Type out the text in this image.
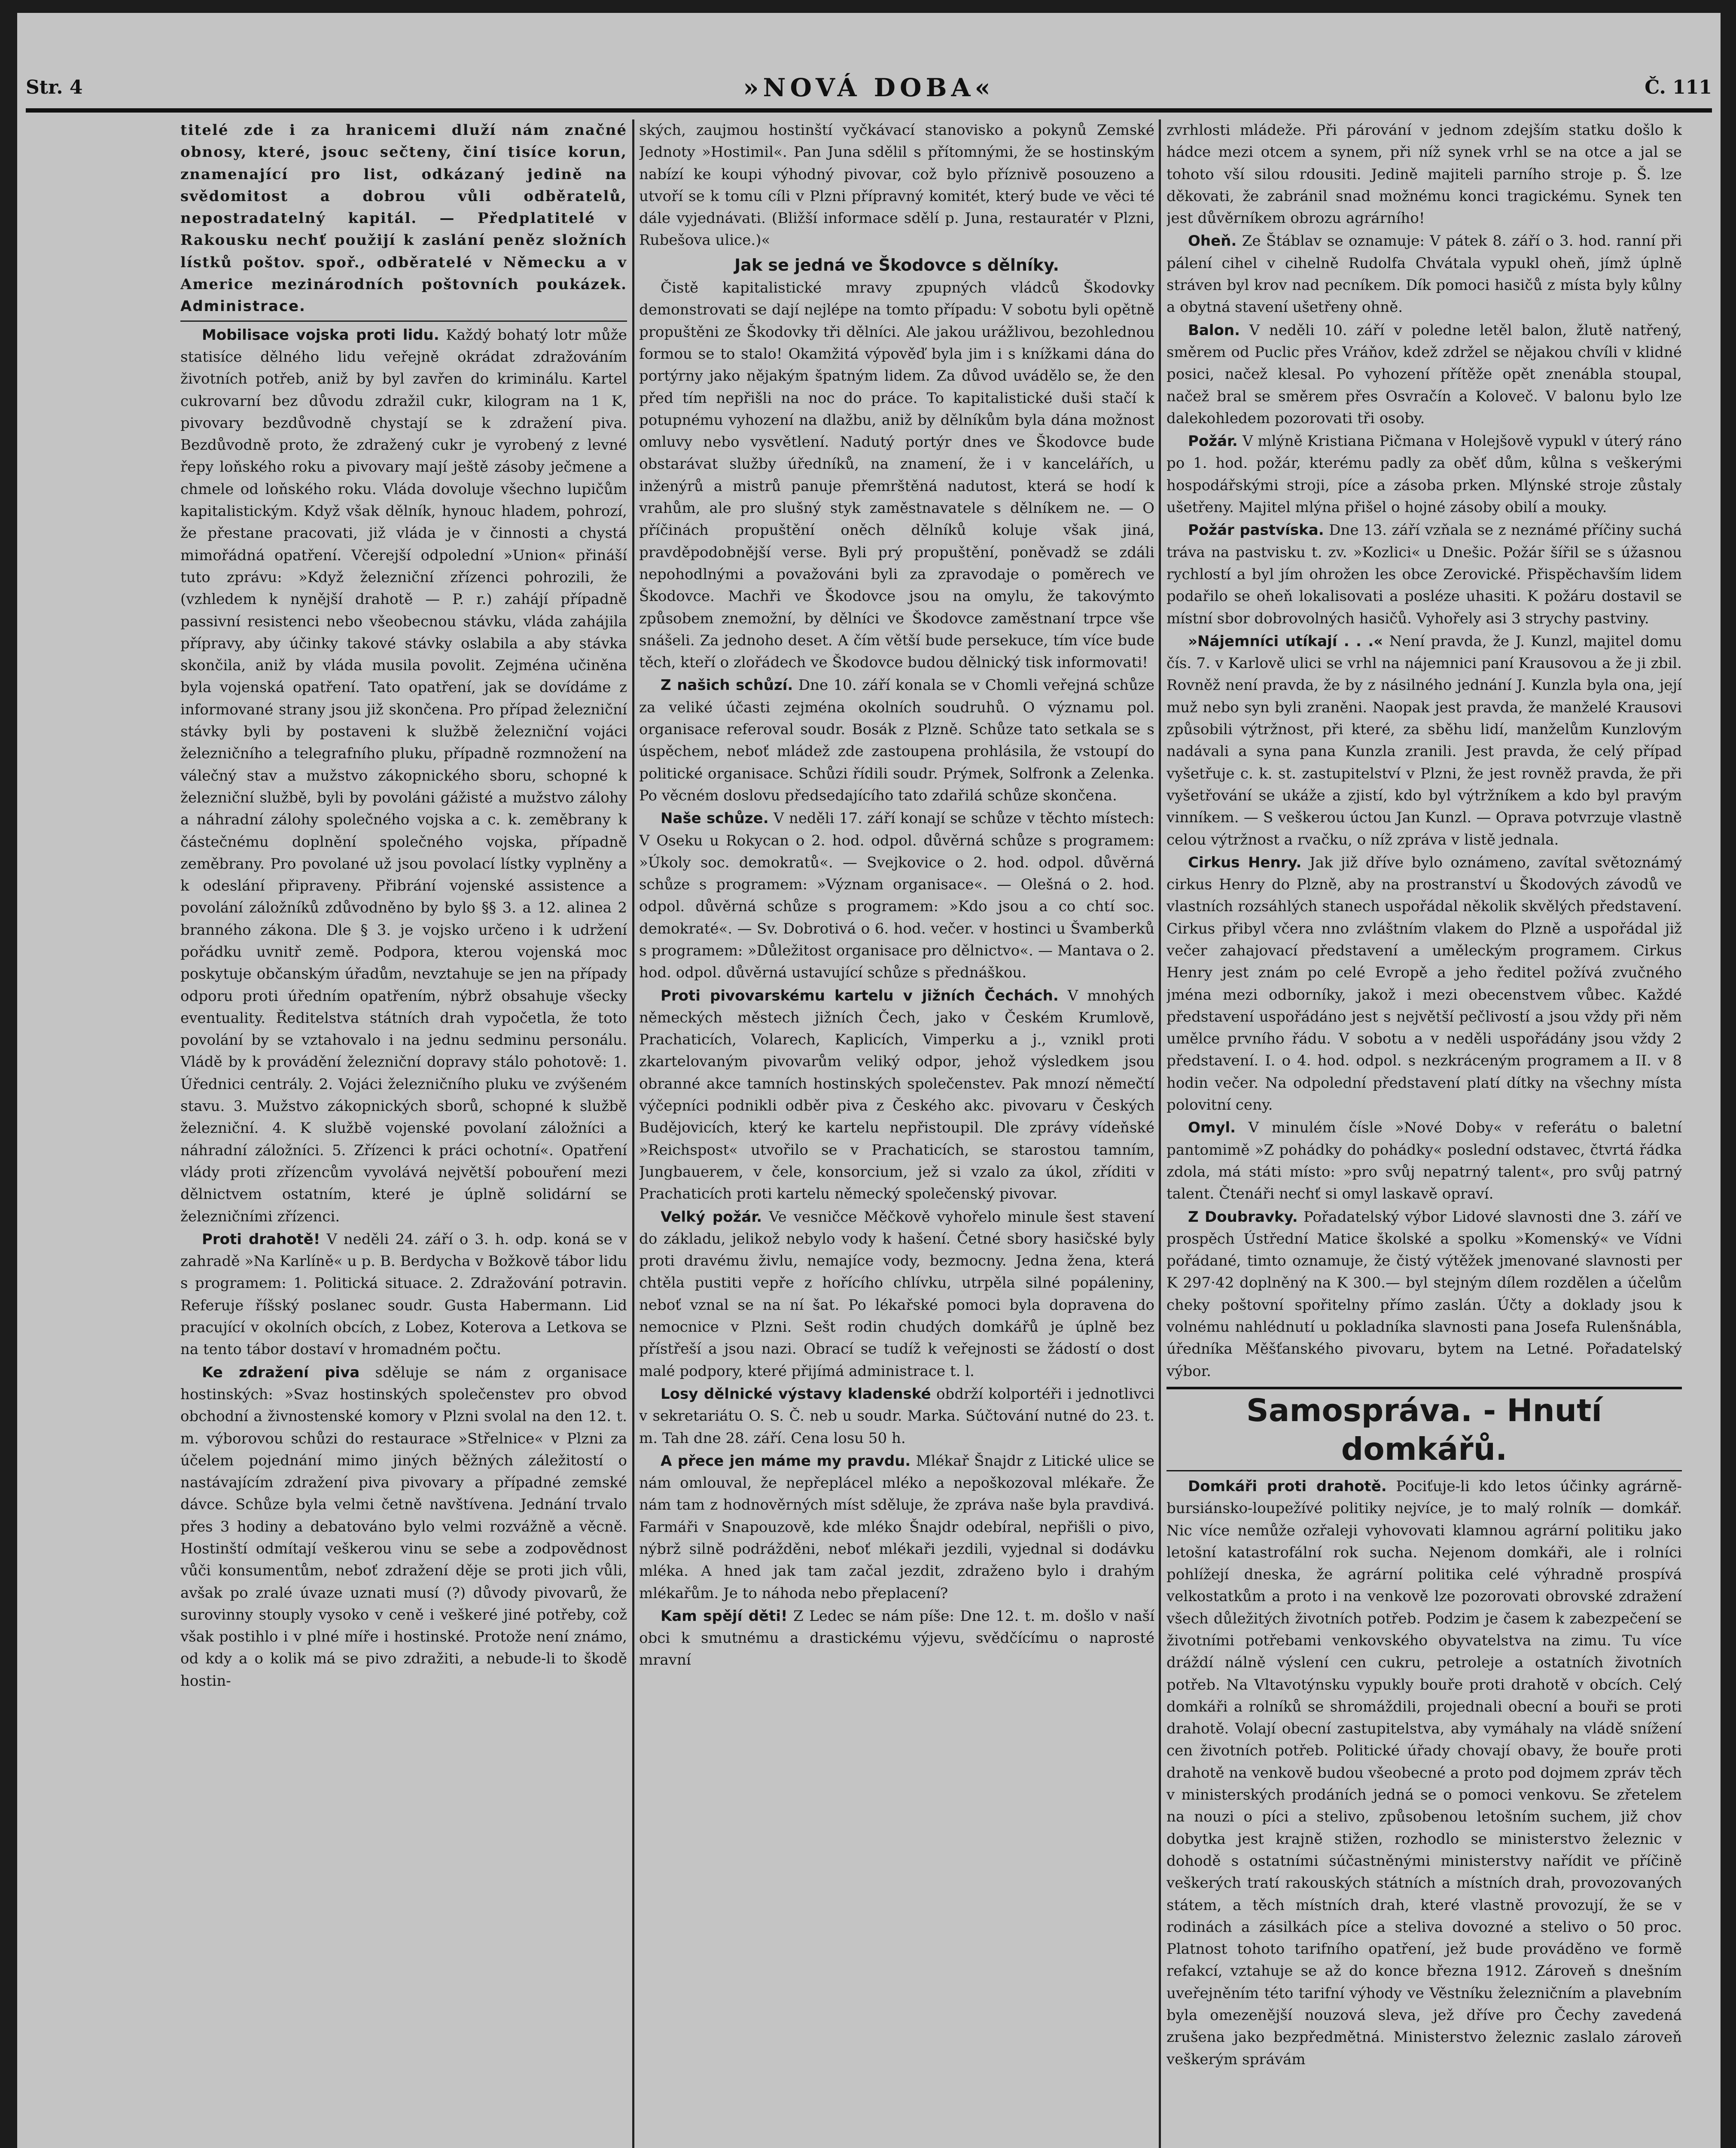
Str. 4	»NOVÁ DOBA«	Č. 111
titelé zde i za hranicemi dluží nám značné obnosy, které, jsouc sečteny, činí tisíce korun, znamenající pro list, odkázaný jedině na svědomitost a dobrou vůli odběratelů, nepostradatelný kapitál. — Předplatitelé v Rakousku nechť použijí k zaslání peněz složních lístků poštov. spoř., odběratelé v Německu a v Americe mezinárodních poštovních poukázek. Administrace.

Mobilisace vojska proti lidu. Každý bohatý lotr může statisíce dělného lidu veřejně okrádat zdražováním životních potřeb, aniž by byl zavřen do kriminálu. Kartel cukrovarní bez důvodu zdražil cukr, kilogram na 1 K, pivovary bezdůvodně chystají se k zdražení piva. Bezdůvodně proto, že zdražený cukr je vyrobený z levné řepy loňského roku a pivovary mají ještě zásoby ječmene a chmele od loňského roku. Vláda dovoluje všechno lupičům kapitalistickým. Když však dělník, hynouc hladem, pohrozí, že přestane pracovati, již vláda je v činnosti a chystá mimořádná opatření. Včerejší odpolední »Union« přináší tuto zprávu: »Když železniční zřízenci pohrozili, že (vzhledem k nynější drahotě — P. r.) zahájí případně passivní resistenci nebo všeobecnou stávku, vláda zahájila přípravy, aby účinky takové stávky oslabila a aby stávka skončila, aniž by vláda musila povolit. Zejména učiněna byla vojenská opatření. Tato opatření, jak se dovídáme z informované strany jsou již skončena. Pro případ železniční stávky byli by postaveni k službě železniční vojáci železničního a telegrafního pluku, případně rozmnožení na válečný stav a mužstvo zákopnického sboru, schopné k železniční službě, byli by povoláni gážisté a mužstvo zálohy a náhradní zálohy společného vojska a c. k. zeměbrany k částečnému doplnění společného vojska, případně zeměbrany. Pro povolané už jsou povolací lístky vyplněny a k odeslání připraveny. Přibrání vojenské assistence a povolání záložníků zdůvodněno by bylo §§ 3. a 12. alinea 2 branného zákona. Dle § 3. je vojsko určeno i k udržení pořádku uvnitř země. Podpora, kterou vojenská moc poskytuje občanským úřadům, nevztahuje se jen na případy odporu proti úředním opatřením, nýbrž obsahuje všecky eventuality. Ředitelstva státních drah vypočetla, že toto povolání by se vztahovalo i na jednu sedminu personálu. Vládě by k provádění železniční dopravy stálo pohotově: 1. Úřednici centrály. 2. Vojáci železničního pluku ve zvýšeném stavu. 3. Mužstvo zákopnických sborů, schopné k službě železniční. 4. K službě vojenské povolaní záložníci a náhradní záložníci. 5. Zřízenci k práci ochotní«. Opatření vlády proti zřízencům vyvolává největší pobouření mezi dělnictvem ostatním, které je úplně solidární se železničními zřízenci.

Proti drahotě! V neděli 24. září o 3. h. odp. koná se v zahradě »Na Karlíně« u p. B. Berdycha v Božkově tábor lidu s programem: 1. Politická situace. 2. Zdražování potravin. Referuje říšský poslanec soudr. Gusta Habermann. Lid pracující v okolních obcích, z Lobez, Koterova a Letkova se na tento tábor dostaví v hromadném počtu.

Ke zdražení piva sděluje se nám z organisace hostinských: »Svaz hostinských společenstev pro obvod obchodní a živnostenské komory v Plzni svolal na den 12. t. m. výborovou schůzi do restaurace »Střelnice« v Plzni za účelem pojednání mimo jiných běžných záležitostí o nastávajícím zdražení piva pivovary a případné zemské dávce. Schůze byla velmi četně navštívena. Jednání trvalo přes 3 hodiny a debatováno bylo velmi rozvážně a věcně. Hostinští odmítají veškerou vinu se sebe a zodpovědnost vůči konsumentům, neboť zdražení děje se proti jich vůli, avšak po zralé úvaze uznati musí (?) důvody pivovarů, že surovinny stouply vysoko v ceně i veškeré jiné potřeby, což však postihlo i v plné míře i hostinské. Protože není známo, od kdy a o kolik má se pivo zdražiti, a nebude-li to škodě hostin-

ských, zaujmou hostinští vyčkávací stanovisko a pokynů Zemské Jednoty »Hostimil«. Pan Juna sdělil s přítomnými, že se hostinským nabízí ke koupi výhodný pivovar, což bylo příznivě posouzeno a utvoří se k tomu cíli v Plzni přípravný komitét, který bude ve věci té dále vyjednávati. (Bližší informace sdělí p. Juna, restauratér v Plzni, Rubešova ulice.)«

Jak se jedná ve Škodovce s dělníky.

Čistě kapitalistické mravy zpupných vládců Škodovky demonstrovati se dají nejlépe na tomto případu: V sobotu byli opětně propuštěni ze Škodovky tři dělníci. Ale jakou urážlivou, bezohlednou formou se to stalo! Okamžitá výpověď byla jim i s knížkami dána do portýrny jako nějakým špatným lidem. Za důvod uvádělo se, že den před tím nepřišli na noc do práce. To kapitalistické duši stačí k potupnému vyhození na dlažbu, aniž by dělníkům byla dána možnost omluvy nebo vysvětlení. Nadutý portýr dnes ve Škodovce bude obstarávat služby úředníků, na znamení, že i v kancelářích, u inženýrů a mistrů panuje přemrštěná nadutost, která se hodí k vrahům, ale pro slušný styk zaměstnavatele s dělníkem ne. — O příčinách propuštění oněch dělníků koluje však jiná, pravděpodobnější verse. Byli prý propuštění, poněvadž se zdáli nepohodlnými a považováni byli za zpravodaje o poměrech ve Škodovce. Machři ve Škodovce jsou na omylu, že takovýmto způsobem znemožní, by dělníci ve Škodovce zaměstnaní trpce vše snášeli. Za jednoho deset. A čím větší bude persekuce, tím více bude těch, kteří o zlořádech ve Škodovce budou dělnický tisk informovati!

Z našich schůzí. Dne 10. září konala se v Chomli veřejná schůze za veliké účasti zejména okolních soudruhů. O významu pol. organisace referoval soudr. Bosák z Plzně. Schůze tato setkala se s úspěchem, neboť mládež zde zastoupena prohlásila, že vstoupí do politické organisace. Schůzi řídili soudr. Prýmek, Solfronk a Zelenka. Po věcném doslovu předsedajícího tato zdařilá schůze skončena.

Naše schůze. V neděli 17. září konají se schůze v těchto místech: V Oseku u Rokycan o 2. hod. odpol. důvěrná schůze s programem: »Úkoly soc. demokratů«. — Svejkovice o 2. hod. odpol. důvěrná schůze s programem: »Význam organisace«. — Olešná o 2. hod. odpol. důvěrná schůze s programem: »Kdo jsou a co chtí soc. demokraté«. — Sv. Dobrotivá o 6. hod. večer. v hostinci u Švamberků s programem: »Důležitost organisace pro dělnictvo«. — Mantava o 2. hod. odpol. důvěrná ustavující schůze s přednáškou.

Proti pivovarskému kartelu v jižních Čechách. V mnohých německých městech jižních Čech, jako v Českém Krumlově, Prachaticích, Volarech, Kaplicích, Vimperku a j., vznikl proti zkartelovaným pivovarům veliký odpor, jehož výsledkem jsou obranné akce tamních hostinských společenstev. Pak mnozí němečtí výčepníci podnikli odběr piva z Českého akc. pivovaru v Českých Budějovicích, který ke kartelu nepřistoupil. Dle zprávy vídeňské »Reichspost« utvořilo se v Prachaticích, se starostou tamním, Jungbauerem, v čele, konsorcium, jež si vzalo za úkol, zříditi v Prachaticích proti kartelu německý společenský pivovar.

Velký požár. Ve vesničce Měčkově vyhořelo minule šest stavení do základu, jelikož nebylo vody k hašení. Četné sbory hasičské byly proti dravému živlu, nemajíce vody, bezmocny. Jedna žena, která chtěla pustiti vepře z hořícího chlívku, utrpěla silné popáleniny, neboť vznal se na ní šat. Po lékařské pomoci byla dopravena do nemocnice v Plzni. Sešt rodin chudých domkářů je úplně bez přístřeší a jsou nazi. Obrací se tudíž k veřejnosti se žádostí o dost malé podpory, které přijímá administrace t. l.

Losy dělnické výstavy kladenské obdrží kolportéři i jednotlivci v sekretariátu O. S. Č. neb u soudr. Marka. Súčtování nutné do 23. t. m. Tah dne 28. září. Cena losu 50 h.

A přece jen máme my pravdu. Mlékař Šnajdr z Litické ulice se nám omlouval, že nepřeplácel mléko a nepoškozoval mlékaře. Že nám tam z hodnověrných míst sděluje, že zpráva naše byla pravdivá. Farmáři v Snapouzově, kde mléko Šnajdr odebíral, nepřišli o pivo, nýbrž silně podrážděni, neboť mlékaři jezdili, vyjednal si dodávku mléka. A hned jak tam začal jezdit, zdraženo bylo i drahým mlékařům. Je to náhoda nebo přeplacení?

Kam spějí děti! Z Ledec se nám píše: Dne 12. t. m. došlo v naší obci k smutnému a drastickému výjevu, svědčícímu o naprosté mravní

zvrhlosti mládeže. Při párování v jednom zdejším statku došlo k hádce mezi otcem a synem, při níž synek vrhl se na otce a jal se tohoto vší silou rdousiti. Jedině majiteli parního stroje p. Š. lze děkovati, že zabránil snad možnému konci tragickému. Synek ten jest důvěrníkem obrozu agrárního!

Oheň. Ze Štáblav se oznamuje: V pátek 8. září o 3. hod. ranní při pálení cihel v cihelně Rudolfa Chvátala vypukl oheň, jímž úplně stráven byl krov nad pecníkem. Dík pomoci hasičů z místa byly kůlny a obytná stavení ušetřeny ohně.

Balon. V neděli 10. září v poledne letěl balon, žlutě natřený, směrem od Puclic přes Vráňov, kdež zdržel se nějakou chvíli v klidné posici, načež klesal. Po vyhození přítěže opět znenábla stoupal, načež bral se směrem přes Osvračín a Koloveč. V balonu bylo lze dalekohledem pozorovati tři osoby.

Požár. V mlýně Kristiana Pičmana v Holejšově vypukl v úterý ráno po 1. hod. požár, kterému padly za oběť dům, kůlna s veškerými hospodářskými stroji, píce a zásoba prken. Mlýnské stroje zůstaly ušetřeny. Majitel mlýna přišel o hojné zásoby obilí a mouky.

Požár pastvíska. Dne 13. září vzňala se z neznámé příčiny suchá tráva na pastvisku t. zv. »Kozlici« u Dnešic. Požár šířil se s úžasnou rychlostí a byl jím ohrožen les obce Zerovické. Přispěchavším lidem podařilo se oheň lokalisovati a posléze uhasiti. K požáru dostavil se místní sbor dobrovolných hasičů. Vyhořely asi 3 strychy pastviny.

»Nájemníci utíkají . . .« Není pravda, že J. Kunzl, majitel domu čís. 7. v Karlově ulici se vrhl na nájemnici paní Krausovou a že ji zbil. Rovněž není pravda, že by z násilného jednání J. Kunzla byla ona, její muž nebo syn byli zraněni. Naopak jest pravda, že manželé Krausovi způsobili výtržnost, při které, za sběhu lidí, manželům Kunzlovým nadávali a syna pana Kunzla zranili. Jest pravda, že celý případ vyšetřuje c. k. st. zastupitelství v Plzni, že jest rovněž pravda, že při vyšetřování se ukáže a zjistí, kdo byl výtržníkem a kdo byl pravým vinníkem. — S veškerou úctou Jan Kunzl. — Oprava potvrzuje vlastně celou výtržnost a rvačku, o níž zpráva v listě jednala.

Cirkus Henry. Jak již dříve bylo oznámeno, zavítal světoznámý cirkus Henry do Plzně, aby na prostranství u Škodových závodů ve vlastních rozsáhlých stanech uspořádal několik skvělých představení. Cirkus přibyl včera nno zvláštním vlakem do Plzně a uspořádal již večer zahajovací představení a uměleckým programem. Cirkus Henry jest znám po celé Evropě a jeho ředitel požívá zvučného jména mezi odborníky, jakož i mezi obecenstvem vůbec. Každé představení uspořádáno jest s největší pečlivostí a jsou vždy při něm umělce prvního řádu. V sobotu a v neděli uspořádány jsou vždy 2 představení. I. o 4. hod. odpol. s nezkráceným programem a II. v 8 hodin večer. Na odpolední představení platí dítky na všechny místa polovitní ceny.

Omyl. V minulém čísle »Nové Doby« v referátu o baletní pantomimě »Z pohádky do pohádky« poslední odstavec, čtvrtá řádka zdola, má státi místo: »pro svůj nepatrný talent«, pro svůj patrný talent. Čtenáři nechť si omyl laskavě opraví.

Z Doubravky. Pořadatelský výbor Lidové slavnosti dne 3. září ve prospěch Ústřední Matice školské a spolku »Komenský« ve Vídni pořádané, timto oznamuje, že čistý výtěžek jmenované slavnosti per K 297·42 doplněný na K 300.— byl stejným dílem rozdělen a účelům cheky poštovní spořitelny přímo zaslán. Účty a doklady jsou k volnému nahlédnutí u pokladníka slavnosti pana Josefa Rulenšnábla, úředníka Měšťanského pivovaru, bytem na Letné. Pořadatelský výbor.

Samospráva. - Hnutí domkářů.

Domkáři proti drahotě. Pociťuje-li kdo letos účinky agrárně-bursiánsko-loupežívé politiky nejvíce, je to malý rolník — domkář. Nic více nemůže ozřaleji vyhovovati klamnou agrární politiku jako letošní katastrofální rok sucha. Nejenom domkáři, ale i rolníci pohlížejí dneska, že agrární politika celé výhradně prospívá velkostatkům a proto i na venkově lze pozorovati obrovské zdražení všech důležitých životních potřeb. Podzim je časem k zabezpečení se životními potřebami venkovského obyvatelstva na zimu. Tu více dráždí nálně výslení cen cukru, petroleje a ostatních životních potřeb. Na Vltavotýnsku vypukly bouře proti drahotě v obcích. Celý domkáři a rolníků se shromáždili, projednali obecní a bouři se proti drahotě. Volají obecní zastupitelstva, aby vymáhaly na vládě snížení cen životních potřeb. Politické úřady chovají obavy, že bouře proti drahotě na venkově budou všeobecné a proto pod dojmem zpráv těch v ministerských prodáních jedná se o pomoci venkovu. Se zřetelem na nouzi o píci a stelivo, způsobenou letošním suchem, již chov dobytka jest krajně stižen, rozhodlo se ministerstvo železnic v dohodě s ostatními súčastněnými ministerstvy nařídit ve příčině veškerých tratí rakouských státních a místních drah, provozovaných státem, a těch místních drah, které vlastně provozují, že se v rodinách a zásilkách píce a steliva dovozné a stelivo o 50 proc. Platnost tohoto tarifního opatření, jež bude prováděno ve formě refakcí, vztahuje se až do konce března 1912. Zároveň s dnešním uveřejněním této tarifní výhody ve Věstníku železničním a plavebním byla omezenější nouzová sleva, jež dříve pro Čechy zavedená zrušena jako bezpředmětná. Ministerstvo železnic zaslalo zároveň veškerým správám
